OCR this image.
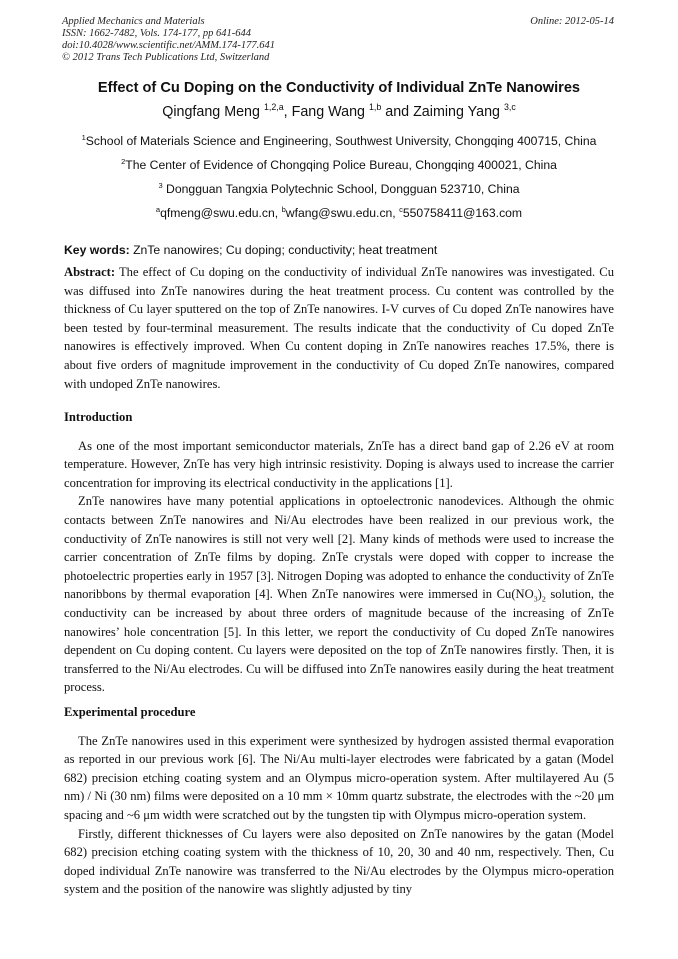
Applied Mechanics and Materials
ISSN: 1662-7482, Vols. 174-177, pp 641-644
doi:10.4028/www.scientific.net/AMM.174-177.641
© 2012 Trans Tech Publications Ltd, Switzerland
Online: 2012-05-14
Effect of Cu Doping on the Conductivity of Individual ZnTe Nanowires
Qingfang Meng $^{1,2,a}$, Fang Wang $^{1,b}$ and Zaiming Yang $^{3,c}$
$^1$School of Materials Science and Engineering, Southwest University, Chongqing 400715, China
$^2$The Center of Evidence of Chongqing Police Bureau, Chongqing 400021, China
$^3$ Dongguan Tangxia Polytechnic School, Dongguan 523710, China
$^a$qfmeng@swu.edu.cn, $^b$wfang@swu.edu.cn, $^c$550758411@163.com
Key words: ZnTe nanowires; Cu doping; conductivity; heat treatment

Abstract: The effect of Cu doping on the conductivity of individual ZnTe nanowires was investigated. Cu was diffused into ZnTe nanowires during the heat treatment process. Cu content was controlled by the thickness of Cu layer sputtered on the top of ZnTe nanowires. I-V curves of Cu doped ZnTe nanowires have been tested by four-terminal measurement. The results indicate that the conductivity of Cu doped ZnTe nanowires is effectively improved. When Cu content doping in ZnTe nanowires reaches 17.5%, there is about five orders of magnitude improvement in the conductivity of Cu doped ZnTe nanowires, compared with undoped ZnTe nanowires.

Introduction

As one of the most important semiconductor materials, ZnTe has a direct band gap of 2.26 eV at room temperature. However, ZnTe has very high intrinsic resistivity. Doping is always used to increase the carrier concentration for improving its electrical conductivity in the applications [1].

ZnTe nanowires have many potential applications in optoelectronic nanodevices. Although the ohmic contacts between ZnTe nanowires and Ni/Au electrodes have been realized in our previous work, the conductivity of ZnTe nanowires is still not very well [2]. Many kinds of methods were used to increase the carrier concentration of ZnTe films by doping. ZnTe crystals were doped with copper to increase the photoelectric properties early in 1957 [3]. Nitrogen Doping was adopted to enhance the conductivity of ZnTe nanoribbons by thermal evaporation [4]. When ZnTe nanowires were immersed in $Cu(NO_3)_2$ solution, the conductivity can be increased by about three orders of magnitude because of the increasing of ZnTe nanowires’ hole concentration [5]. In this letter, we report the conductivity of Cu doped ZnTe nanowires dependent on Cu doping content. Cu layers were deposited on the top of ZnTe nanowires firstly. Then, it is transferred to the Ni/Au electrodes. Cu will be diffused into ZnTe nanowires easily during the heat treatment process.

Experimental procedure

The ZnTe nanowires used in this experiment were synthesized by hydrogen assisted thermal evaporation as reported in our previous work [6]. The Ni/Au multi-layer electrodes were fabricated by a gatan (Model 682) precision etching coating system and an Olympus micro-operation system. After multilayered Au (5 nm) / Ni (30 nm) films were deposited on a 10 mm × 10mm quartz substrate, the electrodes with the ~20 μm spacing and ~6 μm width were scratched out by the tungsten tip with Olympus micro-operation system.

Firstly, different thicknesses of Cu layers were also deposited on ZnTe nanowires by the gatan (Model 682) precision etching coating system with the thickness of 10, 20, 30 and 40 nm, respectively. Then, Cu doped individual ZnTe nanowire was transferred to the Ni/Au electrodes by the Olympus micro-operation system and the position of the nanowire was slightly adjusted by tiny
